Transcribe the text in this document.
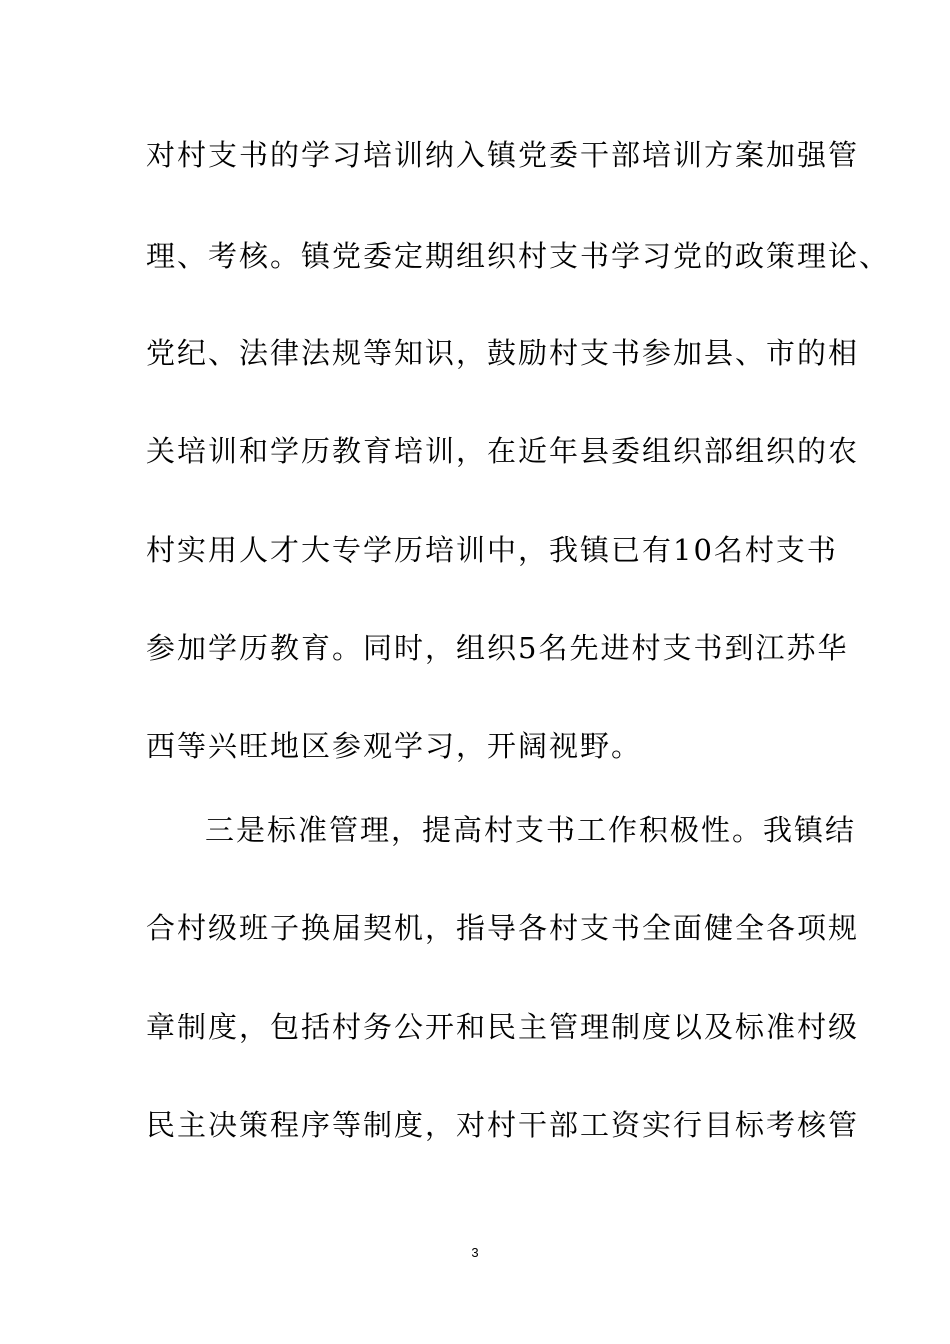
对村支书的学习培训纳入镇党委干部培训方案加强管
理、考核。镇党委定期组织村支书学习党的政策理论、
党纪、法律法规等知识，鼓励村支书参加县、市的相
关培训和学历教育培训，在近年县委组织部组织的农
村实用人才大专学历培训中，我镇已有10名村支书
参加学历教育。同时，组织5名先进村支书到江苏华
西等兴旺地区参观学习，开阔视野。
三是标准管理，提高村支书工作积极性。我镇结
合村级班子换届契机，指导各村支书全面健全各项规
章制度，包括村务公开和民主管理制度以及标准村级
民主决策程序等制度，对村干部工资实行目标考核管
3
